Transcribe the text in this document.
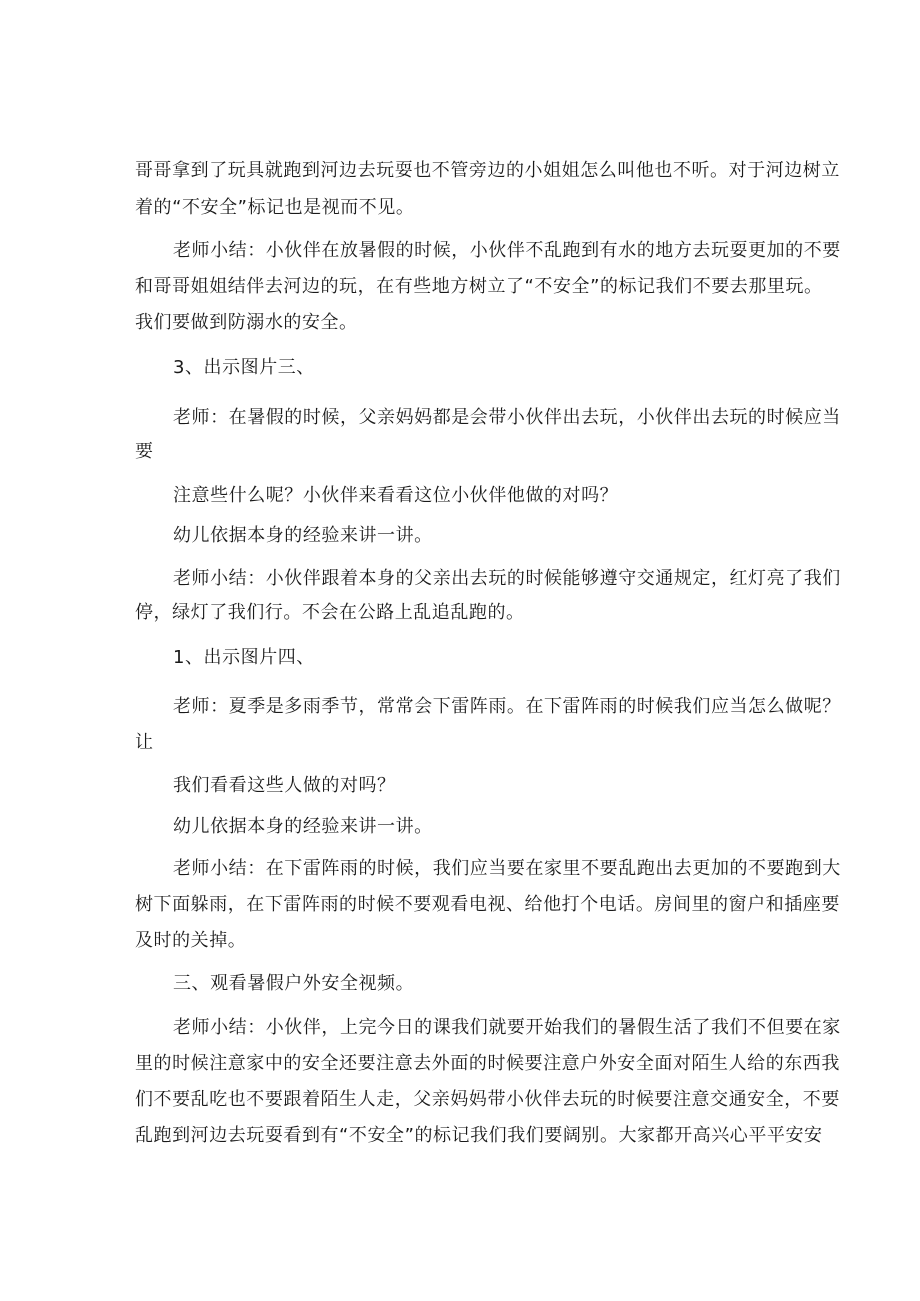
哥哥拿到了玩具就跑到河边去玩耍也不管旁边的小姐姐怎么叫他也不听。对于河边树立
着的“不安全”标记也是视而不见。
老师小结：小伙伴在放暑假的时候，小伙伴不乱跑到有水的地方去玩耍更加的不要
和哥哥姐姐结伴去河边的玩，在有些地方树立了“不安全”的标记我们不要去那里玩。
我们要做到防溺水的安全。
3、出示图片三、
老师：在暑假的时候，父亲妈妈都是会带小伙伴出去玩，小伙伴出去玩的时候应当
要
注意些什么呢？小伙伴来看看这位小伙伴他做的对吗？
幼儿依据本身的经验来讲一讲。
老师小结：小伙伴跟着本身的父亲出去玩的时候能够遵守交通规定，红灯亮了我们
停，绿灯了我们行。不会在公路上乱追乱跑的。
1、出示图片四、
老师：夏季是多雨季节，常常会下雷阵雨。在下雷阵雨的时候我们应当怎么做呢？
让
我们看看这些人做的对吗？
幼儿依据本身的经验来讲一讲。
老师小结：在下雷阵雨的时候，我们应当要在家里不要乱跑出去更加的不要跑到大
树下面躲雨，在下雷阵雨的时候不要观看电视、给他打个电话。房间里的窗户和插座要
及时的关掉。
三、观看暑假户外安全视频。
老师小结：小伙伴，上完今日的课我们就要开始我们的暑假生活了我们不但要在家
里的时候注意家中的安全还要注意去外面的时候要注意户外安全面对陌生人给的东西我
们不要乱吃也不要跟着陌生人走，父亲妈妈带小伙伴去玩的时候要注意交通安全，不要
乱跑到河边去玩耍看到有“不安全”的标记我们我们要阔别。大家都开高兴心平平安安
